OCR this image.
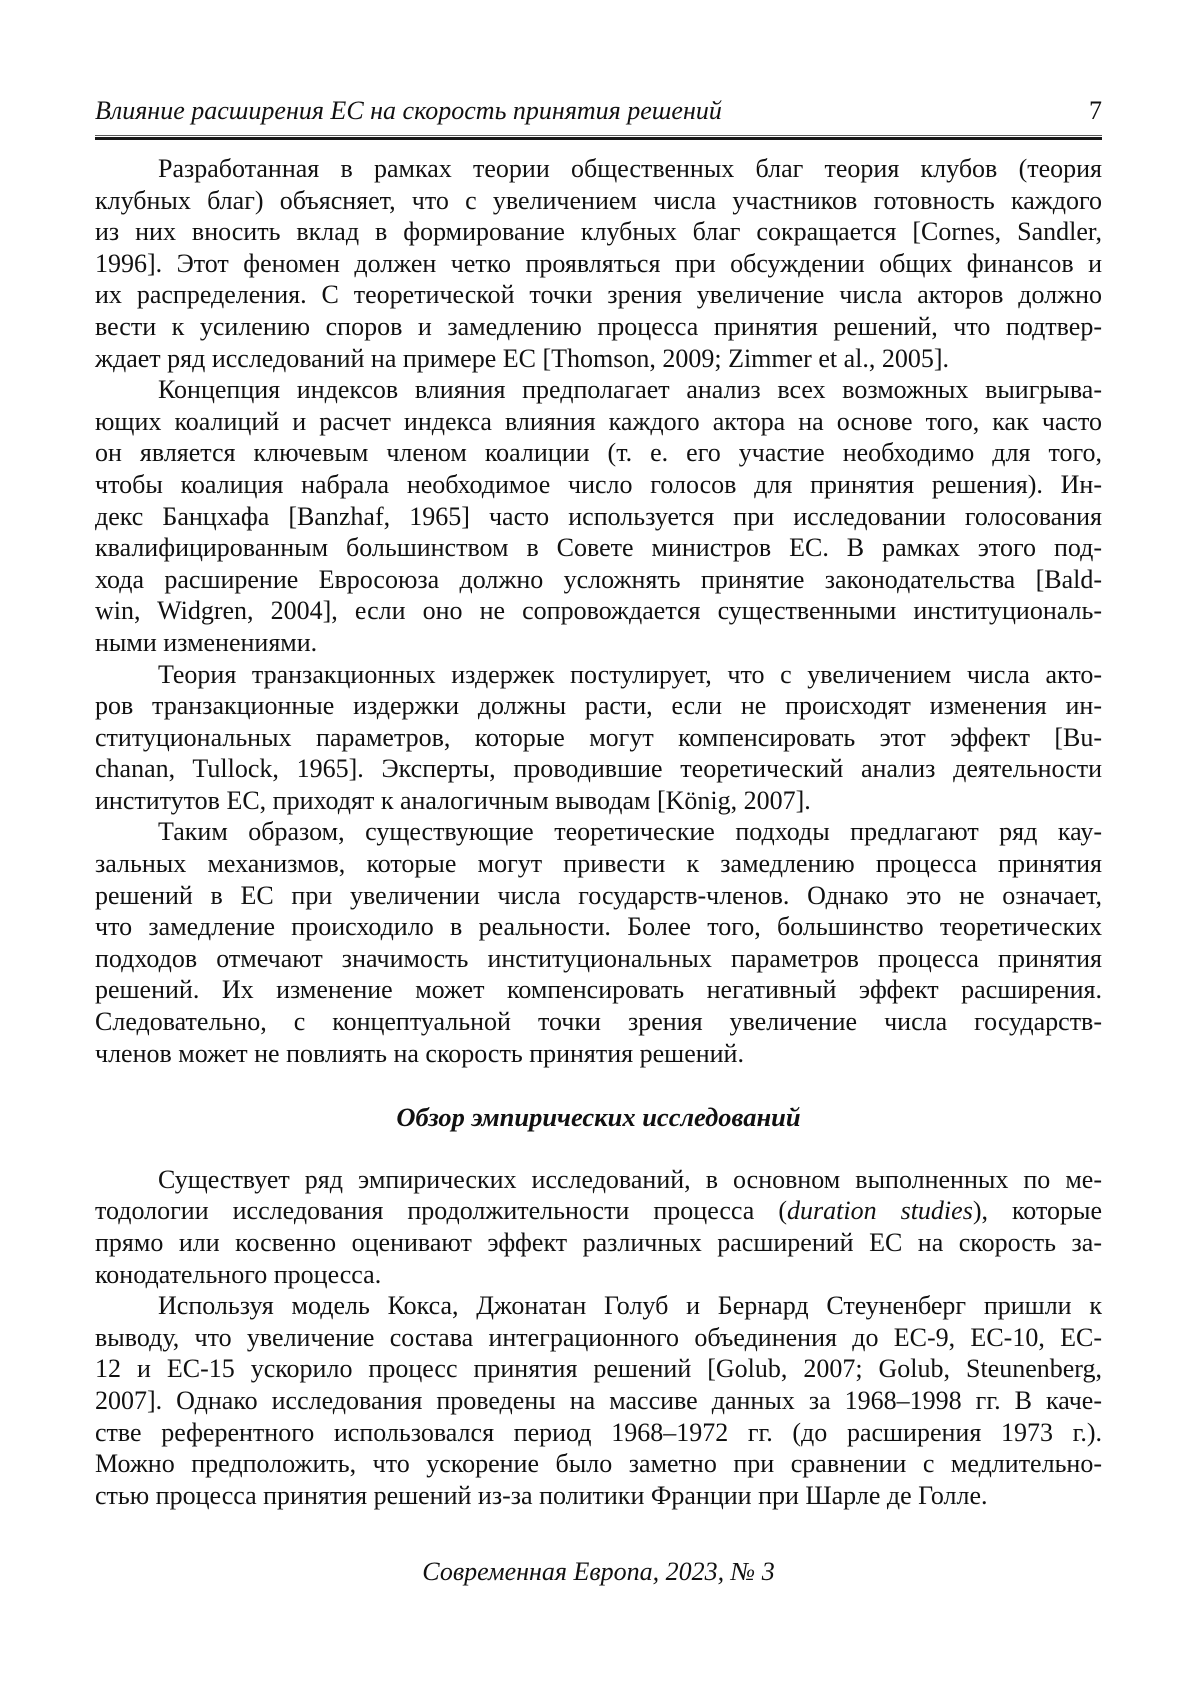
Влияние расширения ЕС на скорость принятия решений	7
Разработанная в рамках теории общественных благ теория клубов (теория
клубных благ) объясняет, что с увеличением числа участников готовность каждого
из них вносить вклад в формирование клубных благ сокращается [Cornes, Sandler,
1996]. Этот феномен должен четко проявляться при обсуждении общих финансов и
их распределения. С теоретической точки зрения увеличение числа акторов должно
вести к усилению споров и замедлению процесса принятия решений, что подтвер-
ждает ряд исследований на примере ЕС [Thomson, 2009; Zimmer et al., 2005].
Концепция индексов влияния предполагает анализ всех возможных выигрыва-
ющих коалиций и расчет индекса влияния каждого актора на основе того, как часто
он является ключевым членом коалиции (т. е. его участие необходимо для того,
чтобы коалиция набрала необходимое число голосов для принятия решения). Ин-
декс Банцхафа [Banzhaf, 1965] часто используется при исследовании голосования
квалифицированным большинством в Совете министров ЕС. В рамках этого под-
хода расширение Евросоюза должно усложнять принятие законодательства [Bald-
win, Widgren, 2004], если оно не сопровождается существенными институциональ-
ными изменениями.
Теория транзакционных издержек постулирует, что с увеличением числа акто-
ров транзакционные издержки должны расти, если не происходят изменения ин-
ституциональных параметров, которые могут компенсировать этот эффект [Bu-
chanan, Tullock, 1965]. Эксперты, проводившие теоретический анализ деятельности
институтов ЕС, приходят к аналогичным выводам [König, 2007].
Таким образом, существующие теоретические подходы предлагают ряд кау-
зальных механизмов, которые могут привести к замедлению процесса принятия
решений в ЕС при увеличении числа государств-членов. Однако это не означает,
что замедление происходило в реальности. Более того, большинство теоретических
подходов отмечают значимость институциональных параметров процесса принятия
решений. Их изменение может компенсировать негативный эффект расширения.
Следовательно, с концептуальной точки зрения увеличение числа государств-
членов может не повлиять на скорость принятия решений.
Обзор эмпирических исследований
Существует ряд эмпирических исследований, в основном выполненных по ме-
тодологии исследования продолжительности процесса (duration studies), которые
прямо или косвенно оценивают эффект различных расширений ЕС на скорость за-
конодательного процесса.
Используя модель Кокса, Джонатан Голуб и Бернард Стеуненберг пришли к
выводу, что увеличение состава интеграционного объединения до ЕС-9, ЕС-10, ЕС-
12 и ЕС-15 ускорило процесс принятия решений [Golub, 2007; Golub, Steunenberg,
2007]. Однако исследования проведены на массиве данных за 1968–1998 гг. В каче-
стве референтного использовался период 1968–1972 гг. (до расширения 1973 г.).
Можно предположить, что ускорение было заметно при сравнении с медлительно-
стью процесса принятия решений из-за политики Франции при Шарле де Голле.
Современная Европа, 2023, № 3
